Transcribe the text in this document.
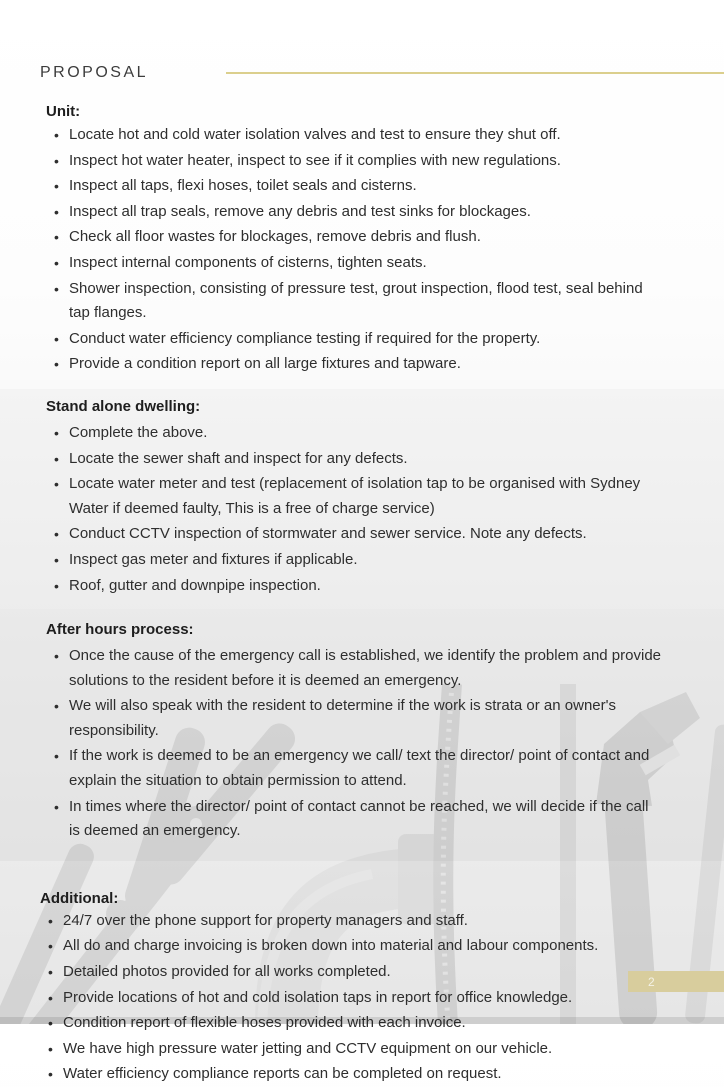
PROPOSAL
Unit:
• Locate hot and cold water isolation valves and test to ensure they shut off.
• Inspect hot water heater, inspect to see if it complies with new regulations.
• Inspect all taps, flexi hoses, toilet seals and cisterns.
• Inspect all trap seals, remove any debris and test sinks for blockages.
• Check all floor wastes for blockages, remove debris and flush.
• Inspect internal components of cisterns, tighten seats.
• Shower inspection, consisting of pressure test, grout inspection, flood test, seal behind tap flanges.
• Conduct water efficiency compliance testing if required for the property.
• Provide a condition report on all large fixtures and tapware.
Stand alone dwelling:
• Complete the above.
• Locate the sewer shaft and inspect for any defects.
• Locate water meter and test (replacement of isolation tap to be organised with Sydney Water if deemed faulty, This is a free of charge service)
• Conduct CCTV inspection of stormwater and sewer service. Note any defects.
• Inspect gas meter and fixtures if applicable.
• Roof, gutter and downpipe inspection.
After hours process:
• Once the cause of the emergency call is established, we identify the problem and provide solutions to the resident before it is deemed an emergency.
• We will also speak with the resident to determine if the work is strata or an owner's responsibility.
• If the work is deemed to be an emergency we call/ text the director/ point of contact and explain the situation to obtain permission to attend.
• In times where the director/ point of contact cannot be reached, we will decide if the call is deemed an emergency.
Additional:
• 24/7 over the phone support for property managers and staff.
• All do and charge invoicing is broken down into material and labour components.
• Detailed photos provided for all works completed.
• Provide locations of hot and cold isolation taps in report for office knowledge.
• Condition report of flexible hoses provided with each invoice.
• We have high pressure water jetting and CCTV equipment on our vehicle.
• Water efficiency compliance reports can be completed on request.
2
